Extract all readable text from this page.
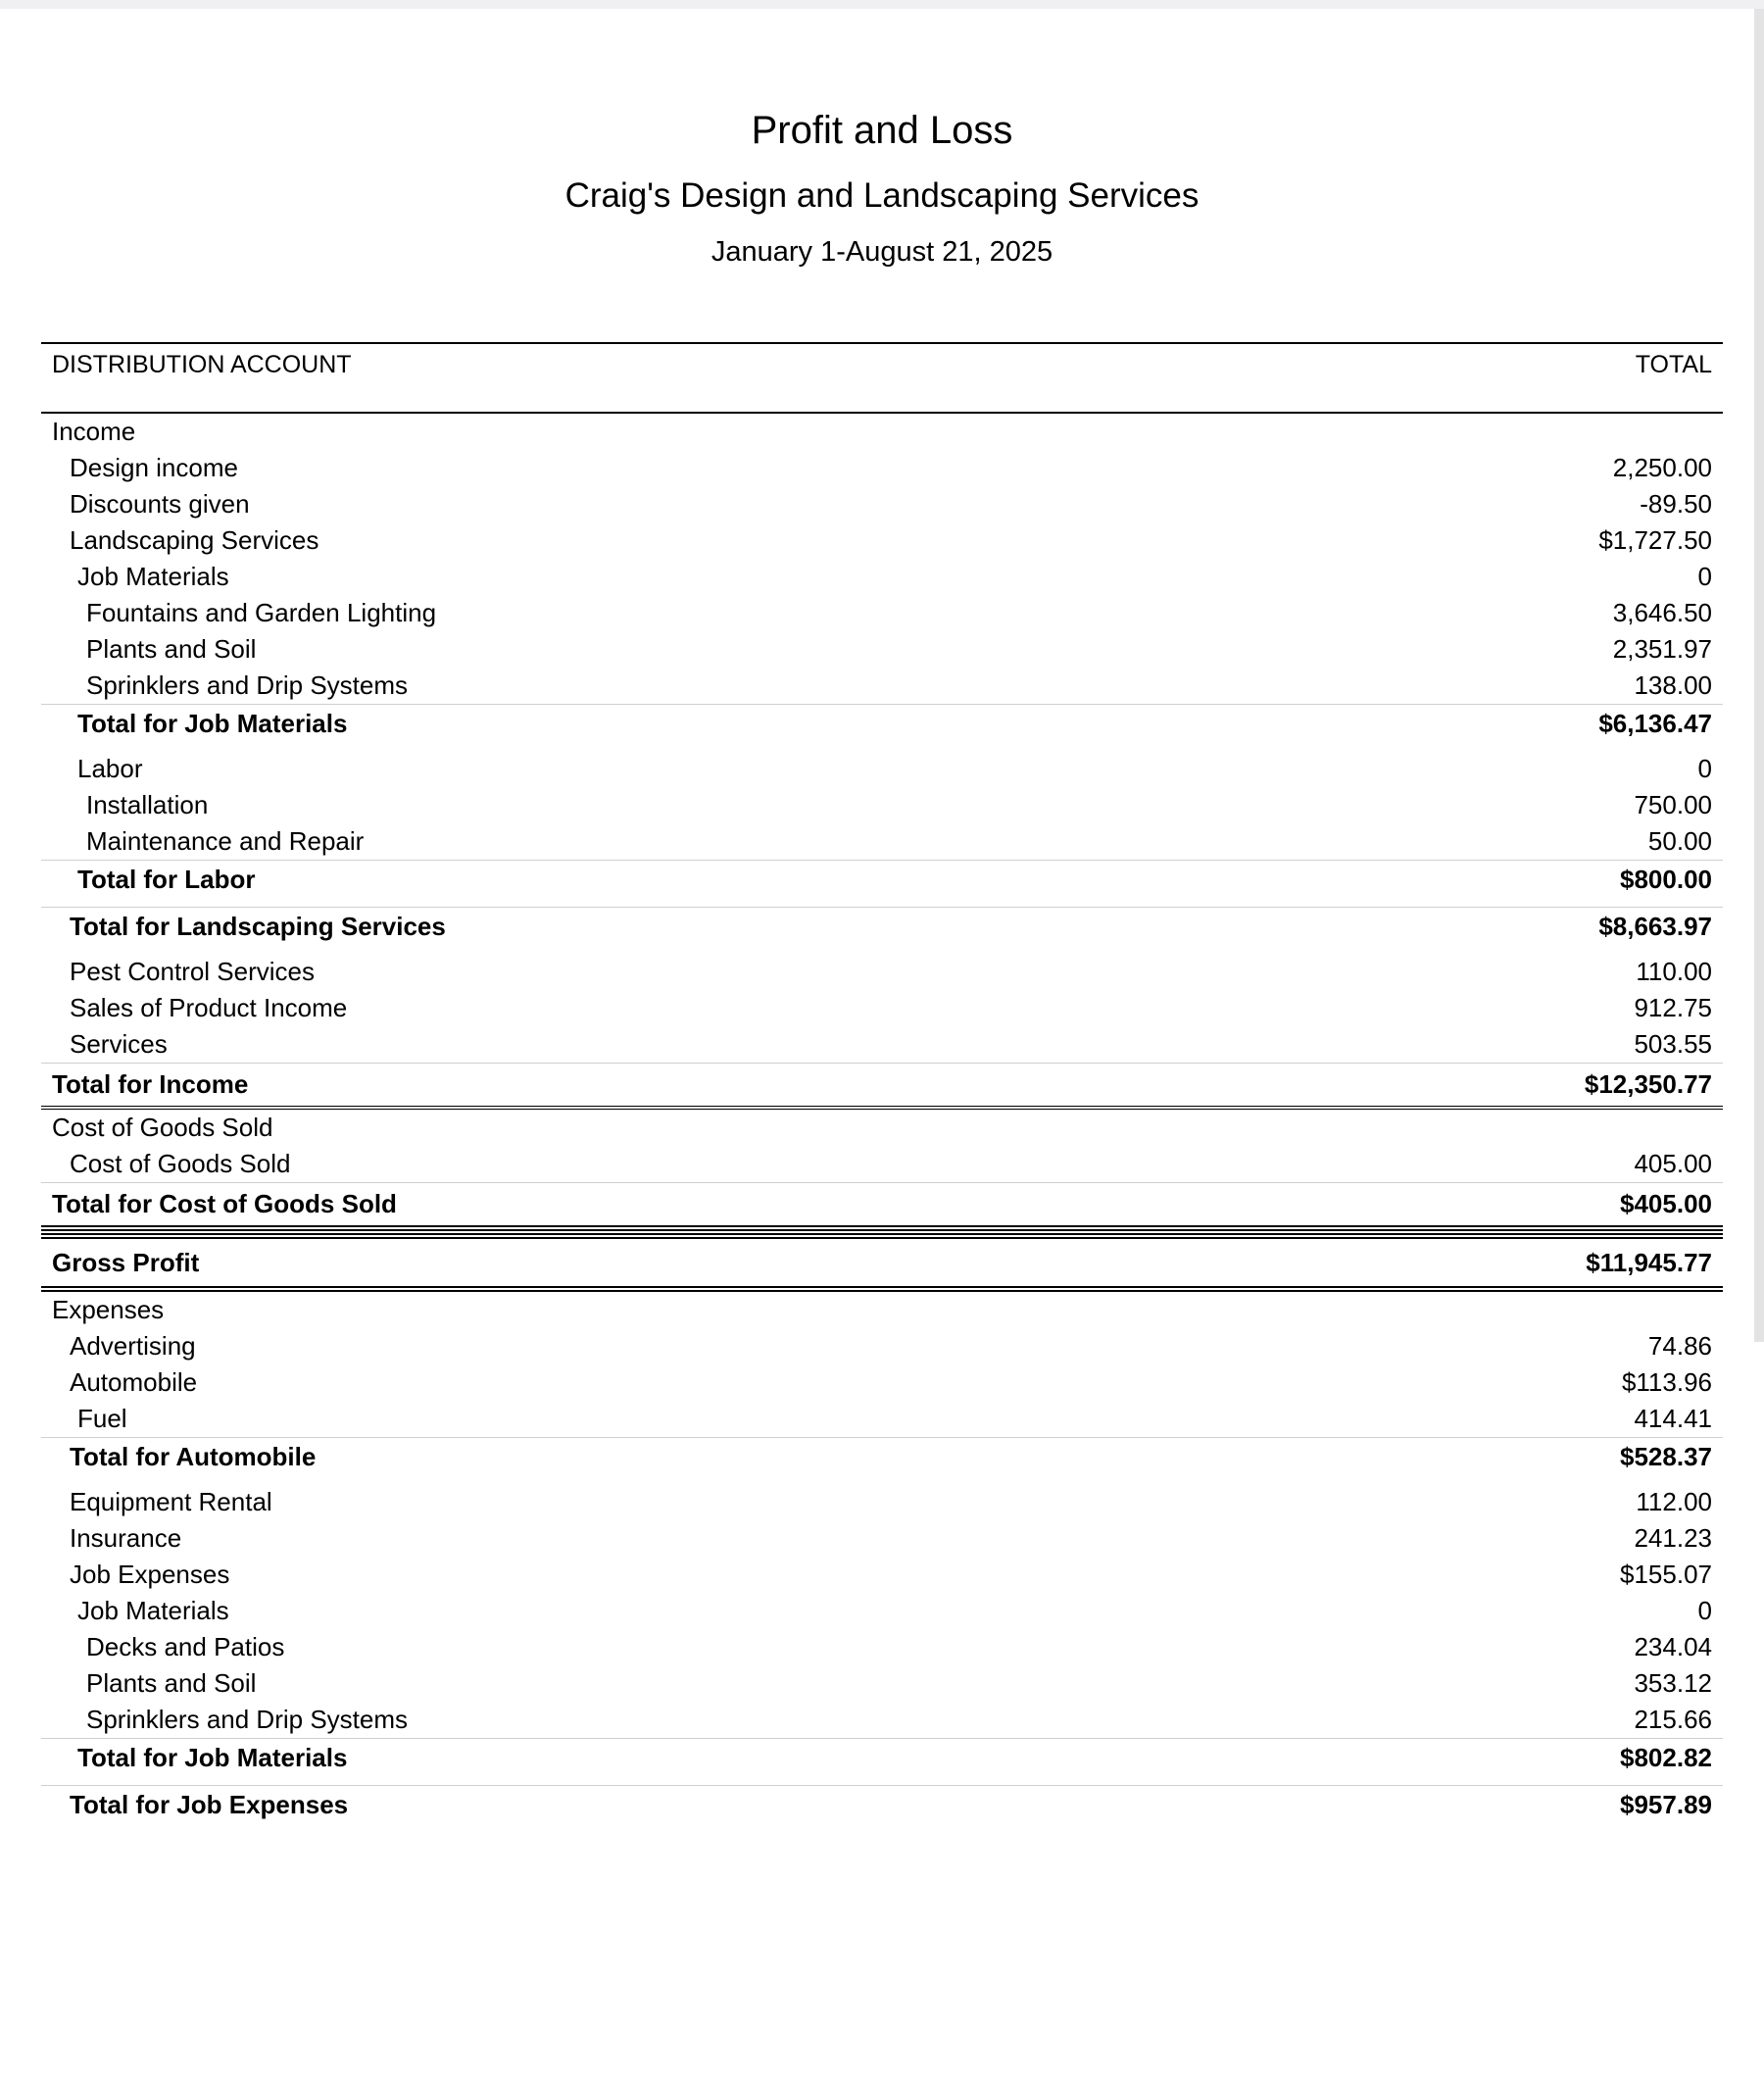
Profit and Loss
Craig's Design and Landscaping Services
January 1-August 21, 2025
DISTRIBUTION ACCOUNT	TOTAL
Income
Design income	2,250.00
Discounts given	-89.50
Landscaping Services	$1,727.50
Job Materials	0
Fountains and Garden Lighting	3,646.50
Plants and Soil	2,351.97
Sprinklers and Drip Systems	138.00
Total for Job Materials	$6,136.47
Labor	0
Installation	750.00
Maintenance and Repair	50.00
Total for Labor	$800.00
Total for Landscaping Services	$8,663.97
Pest Control Services	110.00
Sales of Product Income	912.75
Services	503.55
Total for Income	$12,350.77
Cost of Goods Sold
Cost of Goods Sold	405.00
Total for Cost of Goods Sold	$405.00
Gross Profit	$11,945.77
Expenses
Advertising	74.86
Automobile	$113.96
Fuel	414.41
Total for Automobile	$528.37
Equipment Rental	112.00
Insurance	241.23
Job Expenses	$155.07
Job Materials	0
Decks and Patios	234.04
Plants and Soil	353.12
Sprinklers and Drip Systems	215.66
Total for Job Materials	$802.82
Total for Job Expenses	$957.89
